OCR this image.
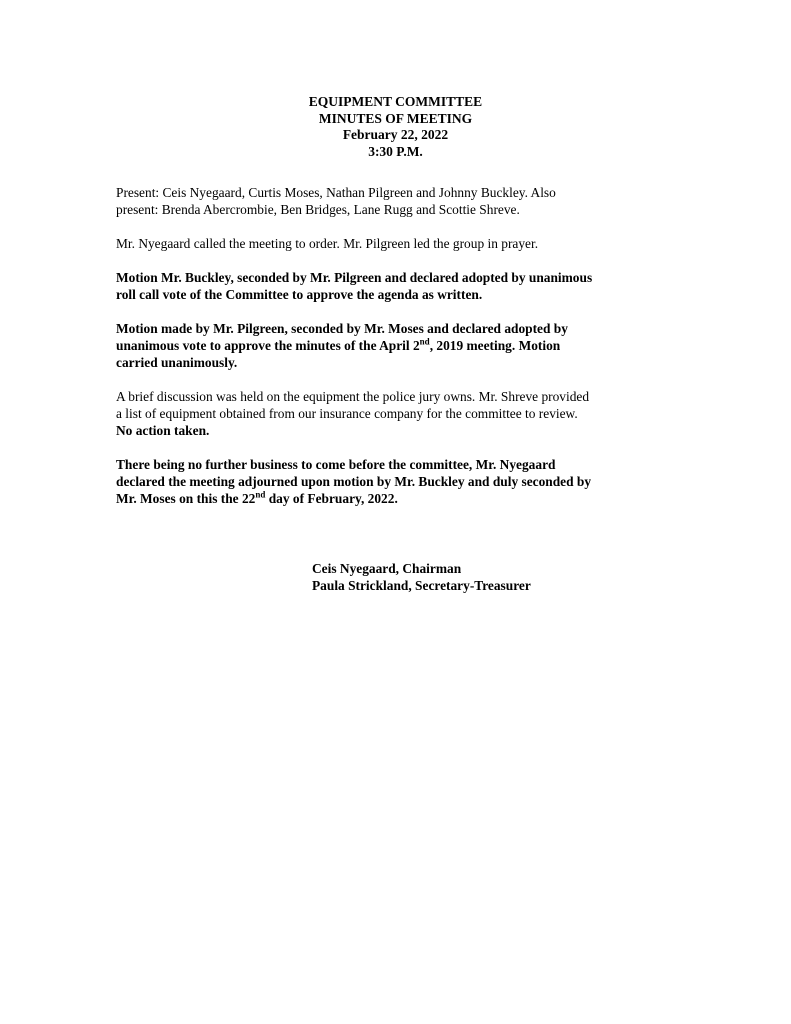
EQUIPMENT COMMITTEE
MINUTES OF MEETING
February 22, 2022
3:30 P.M.
Present: Ceis Nyegaard, Curtis Moses, Nathan Pilgreen and Johnny Buckley. Also
present: Brenda Abercrombie, Ben Bridges, Lane Rugg and Scottie Shreve.
Mr. Nyegaard called the meeting to order. Mr. Pilgreen led the group in prayer.
Motion Mr. Buckley, seconded by Mr. Pilgreen and declared adopted by unanimous
roll call vote of the Committee to approve the agenda as written.
Motion made by Mr. Pilgreen, seconded by Mr. Moses and declared adopted by
unanimous vote to approve the minutes of the April 2nd, 2019 meeting. Motion
carried unanimously.
A brief discussion was held on the equipment the police jury owns. Mr. Shreve provided
a list of equipment obtained from our insurance company for the committee to review.
No action taken.
There being no further business to come before the committee, Mr. Nyegaard
declared the meeting adjourned upon motion by Mr. Buckley and duly seconded by
Mr. Moses on this the 22nd day of February, 2022.
Ceis Nyegaard, Chairman
Paula Strickland, Secretary-Treasurer
